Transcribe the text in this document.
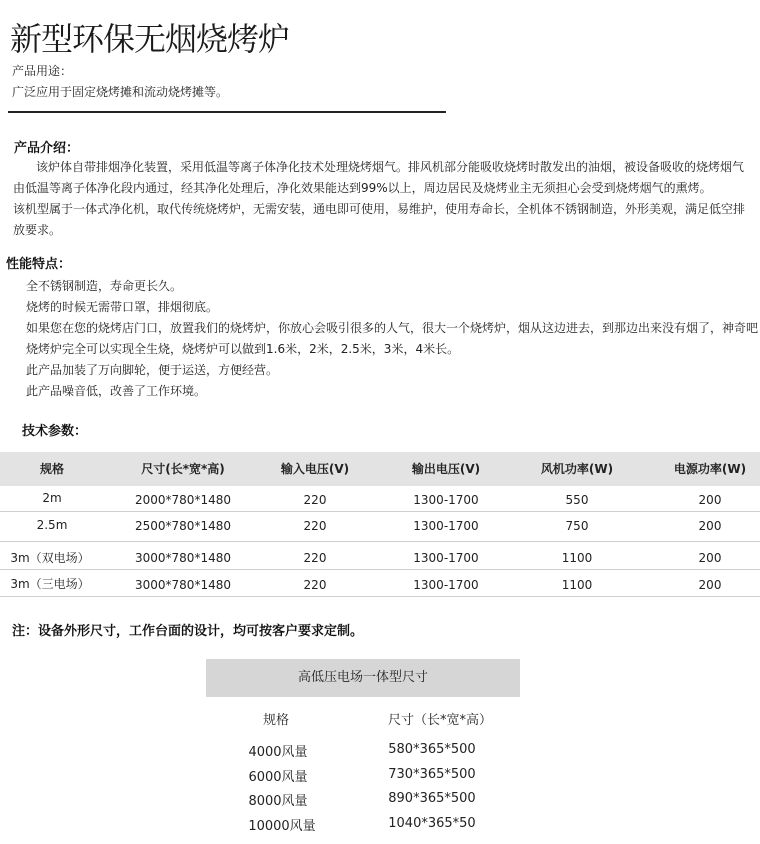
新型环保无烟烧烤炉
产品用途：
广泛应用于固定烧烤摊和流动烧烤摊等。
产品介绍：
该炉体自带排烟净化装置，采用低温等离子体净化技术处理烧烤烟气。排风机部分能吸收烧烤时散发出的油烟，被设备吸收的烧烤烟气
由低温等离子体净化段内通过，经其净化处理后，净化效果能达到99%以上，周边居民及烧烤业主无须担心会受到烧烤烟气的熏烤。
该机型属于一体式净化机，取代传统烧烤炉，无需安装，通电即可使用，易维护，使用寿命长，全机体不锈钢制造，外形美观，满足低空排
放要求。
性能特点：
全不锈钢制造，寿命更长久。
烧烤的时候无需带口罩，排烟彻底。
如果您在您的烧烤店门口，放置我们的烧烤炉，你放心会吸引很多的人气，很大一个烧烤炉，烟从这边进去，到那边出来没有烟了，神奇吧
烧烤炉完全可以实现全生烧，烧烤炉可以做到1.6米，2米，2.5米，3米，4米长。
此产品加装了万向脚轮，便于运送，方便经营。
此产品噪音低，改善了工作环境。
技术参数：
规格	尺寸(长*宽*高)	输入电压(V)	输出电压(V)	风机功率(W)	电源功率(W)
2m	2000*780*1480	220	1300-1700	550	200
2.5m	2500*780*1480	220	1300-1700	750	200
3m（双电场）	3000*780*1480	220	1300-1700	1100	200
3m（三电场）	3000*780*1480	220	1300-1700	1100	200
注：设备外形尺寸，工作台面的设计，均可按客户要求定制。
高低压电场一体型尺寸
规格	尺寸（长*宽*高）
4000风量	580*365*500
6000风量	730*365*500
8000风量	890*365*500
10000风量	1040*365*50
